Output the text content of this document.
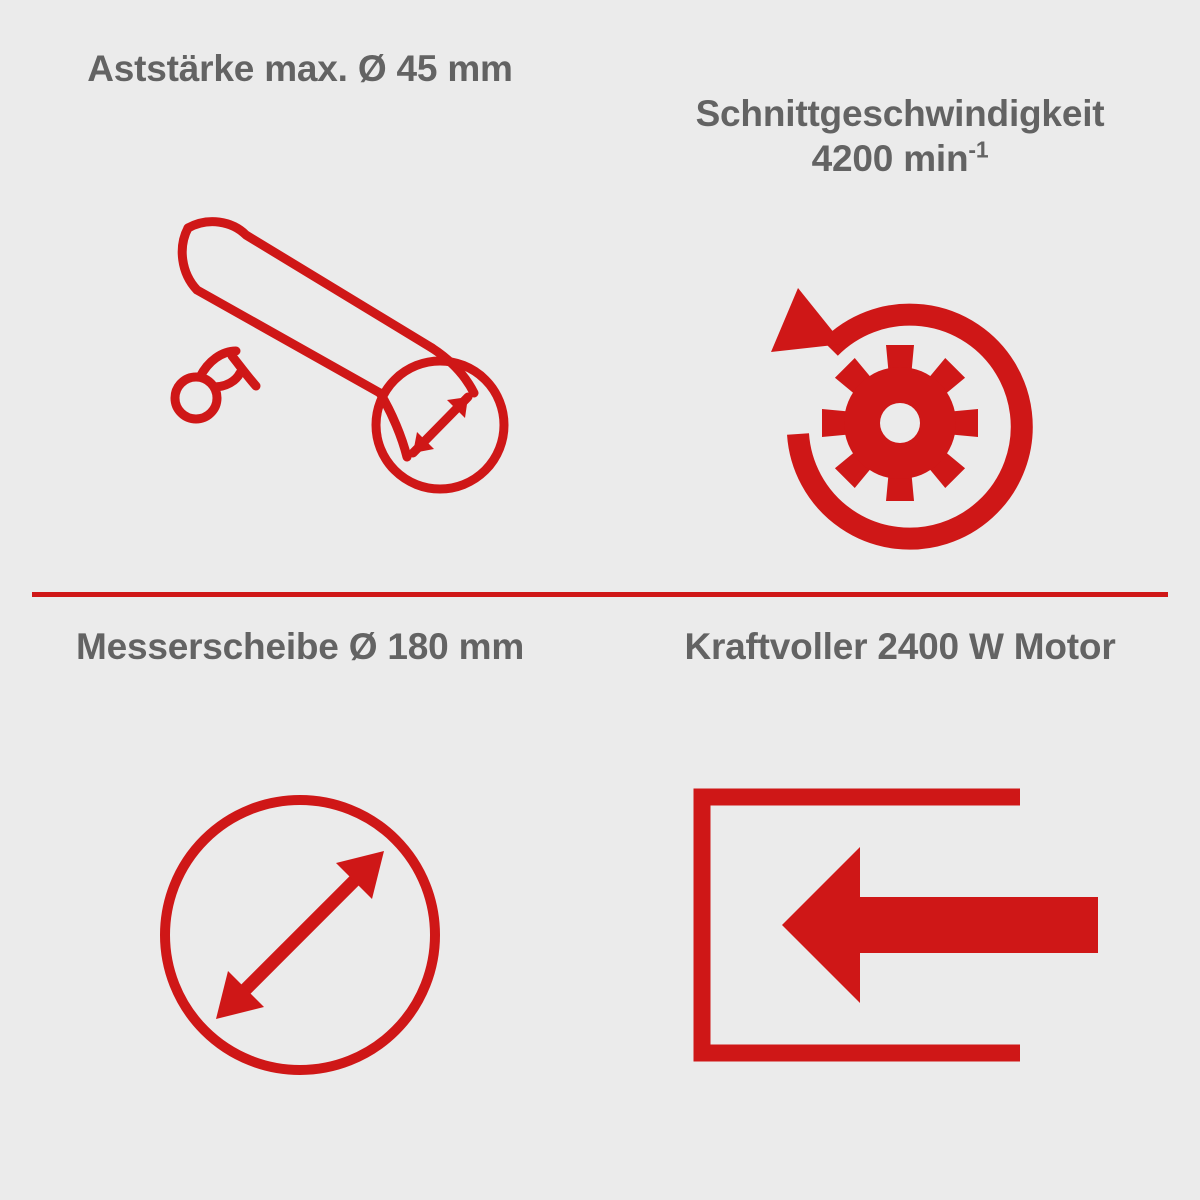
Aststärke max. Ø 45 mm

Schnittgeschwindigkeit

4200 $\min^{-1}$

Messerscheibe Ø 180 mm	Kraftvoller 2400 W Motor
